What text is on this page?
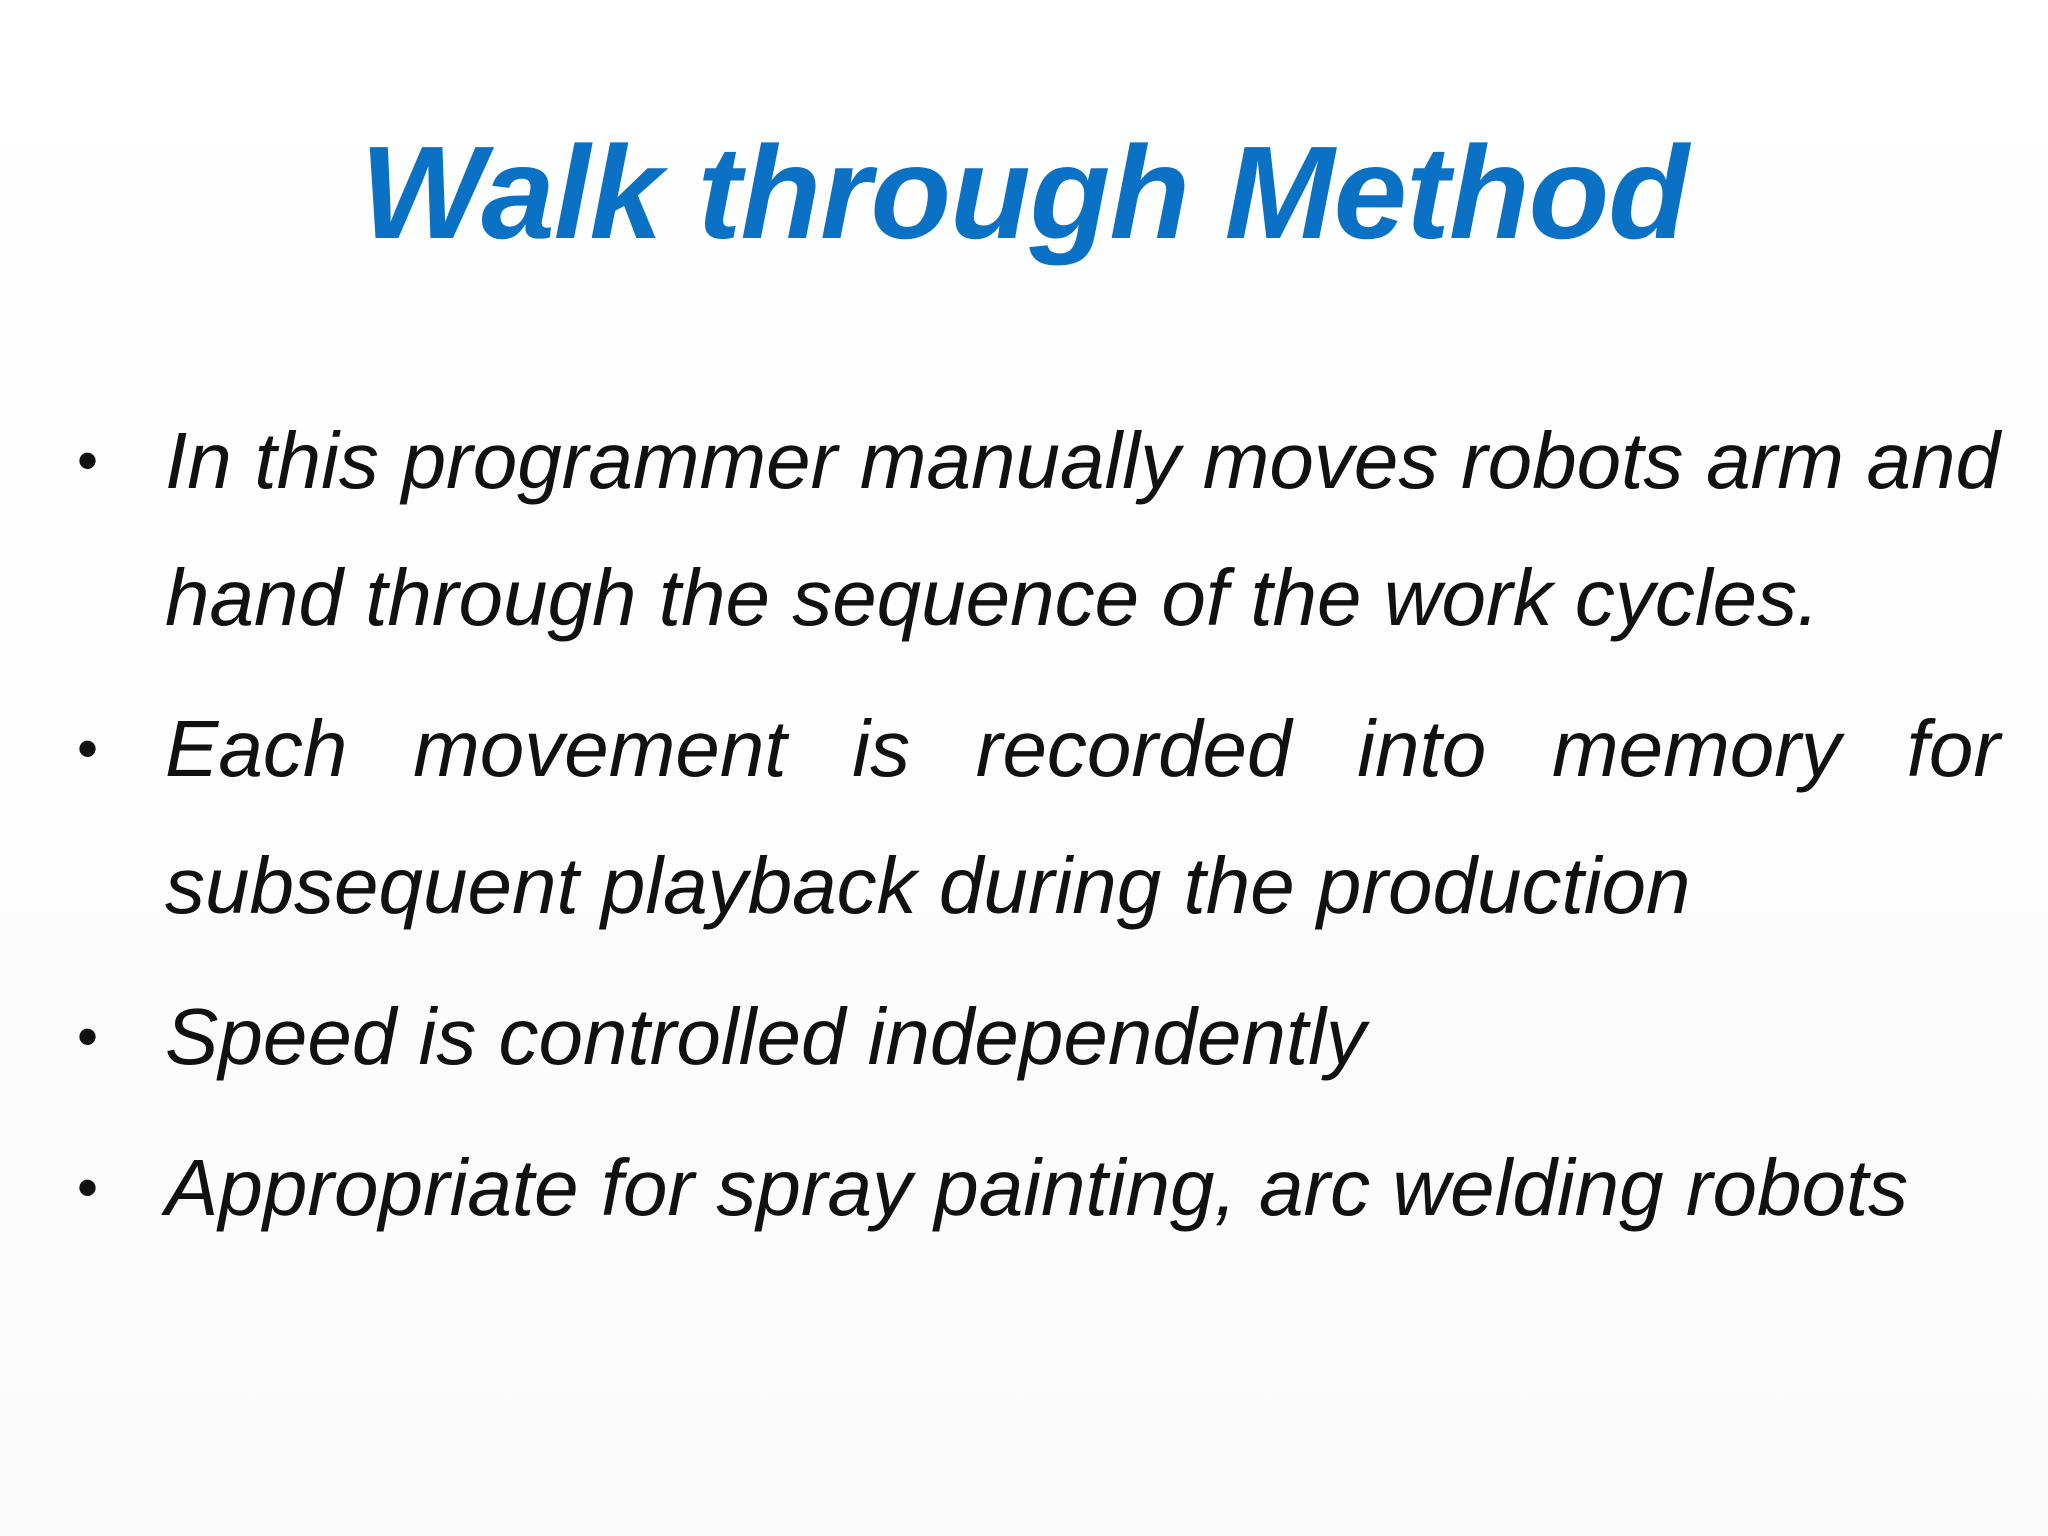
Walk through Method
• In this programmer manually moves robots arm and hand through the sequence of the work cycles.
• Each movement is recorded into memory for subsequent playback during the production
• Speed is controlled independently
• Appropriate for spray painting, arc welding robots
